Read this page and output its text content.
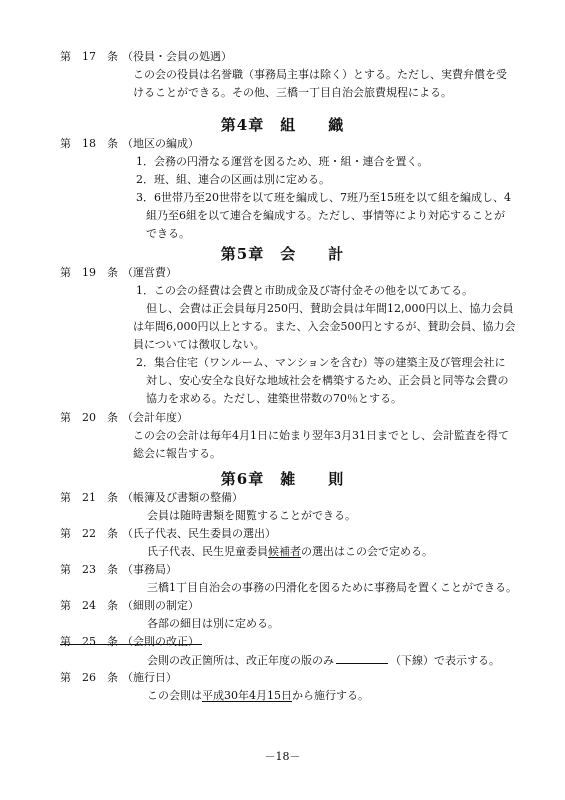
第　17　条 （役員・会員の処遇）
この会の役員は名誉職（事務局主事は除く）とする。ただし、実費弁償を受
けることができる。その他、三橋一丁目自治会旅費規程による。
第4章　組　　織
第　18　条 （地区の編成）
1．会務の円滑なる運営を図るため、班・組・連合を置く。
2．班、組、連合の区画は別に定める。
3．6世帯乃至20世帯を以て班を編成し、7班乃至15班を以て組を編成し、4
組乃至6組を以て連合を編成する。ただし、事情等により対応することが
できる。
第5章　会　　計
第　19　条 （運営費）
1．この会の経費は会費と市助成金及び寄付金その他を以てあてる。
但し、会費は正会員毎月250円、賛助会員は年間12,000円以上、協力会員
は年間6,000円以上とする。また、入会金500円とするが、賛助会員、協力会
員については徴収しない。
2．集合住宅（ワンルーム、マンションを含む）等の建築主及び管理会社に
対し、安心安全な良好な地域社会を構築するため、正会員と同等な会費の
協力を求める。ただし、建築世帯数の70％とする。
第　20　条 （会計年度）
この会の会計は毎年4月1日に始まり翌年3月31日までとし、会計監査を得て
総会に報告する。
第6章　雑　　則
第　21　条 （帳簿及び書類の整備）
会員は随時書類を閲覧することができる。
第　22　条 （氏子代表、民生委員の選出）
氏子代表、民生児童委員候補者の選出はこの会で定める。
第　23　条 （事務局）
三橋1丁目自治会の事務の円滑化を図るために事務局を置くことができる。
第　24　条 （細則の制定）
各部の細目は別に定める。
第　25　条 （会則の改正）
会則の改正箇所は、改正年度の版のみ	（下線）で表示する。
第　26　条 （施行日）
この会則は平成30年4月15日から施行する。
－18－
